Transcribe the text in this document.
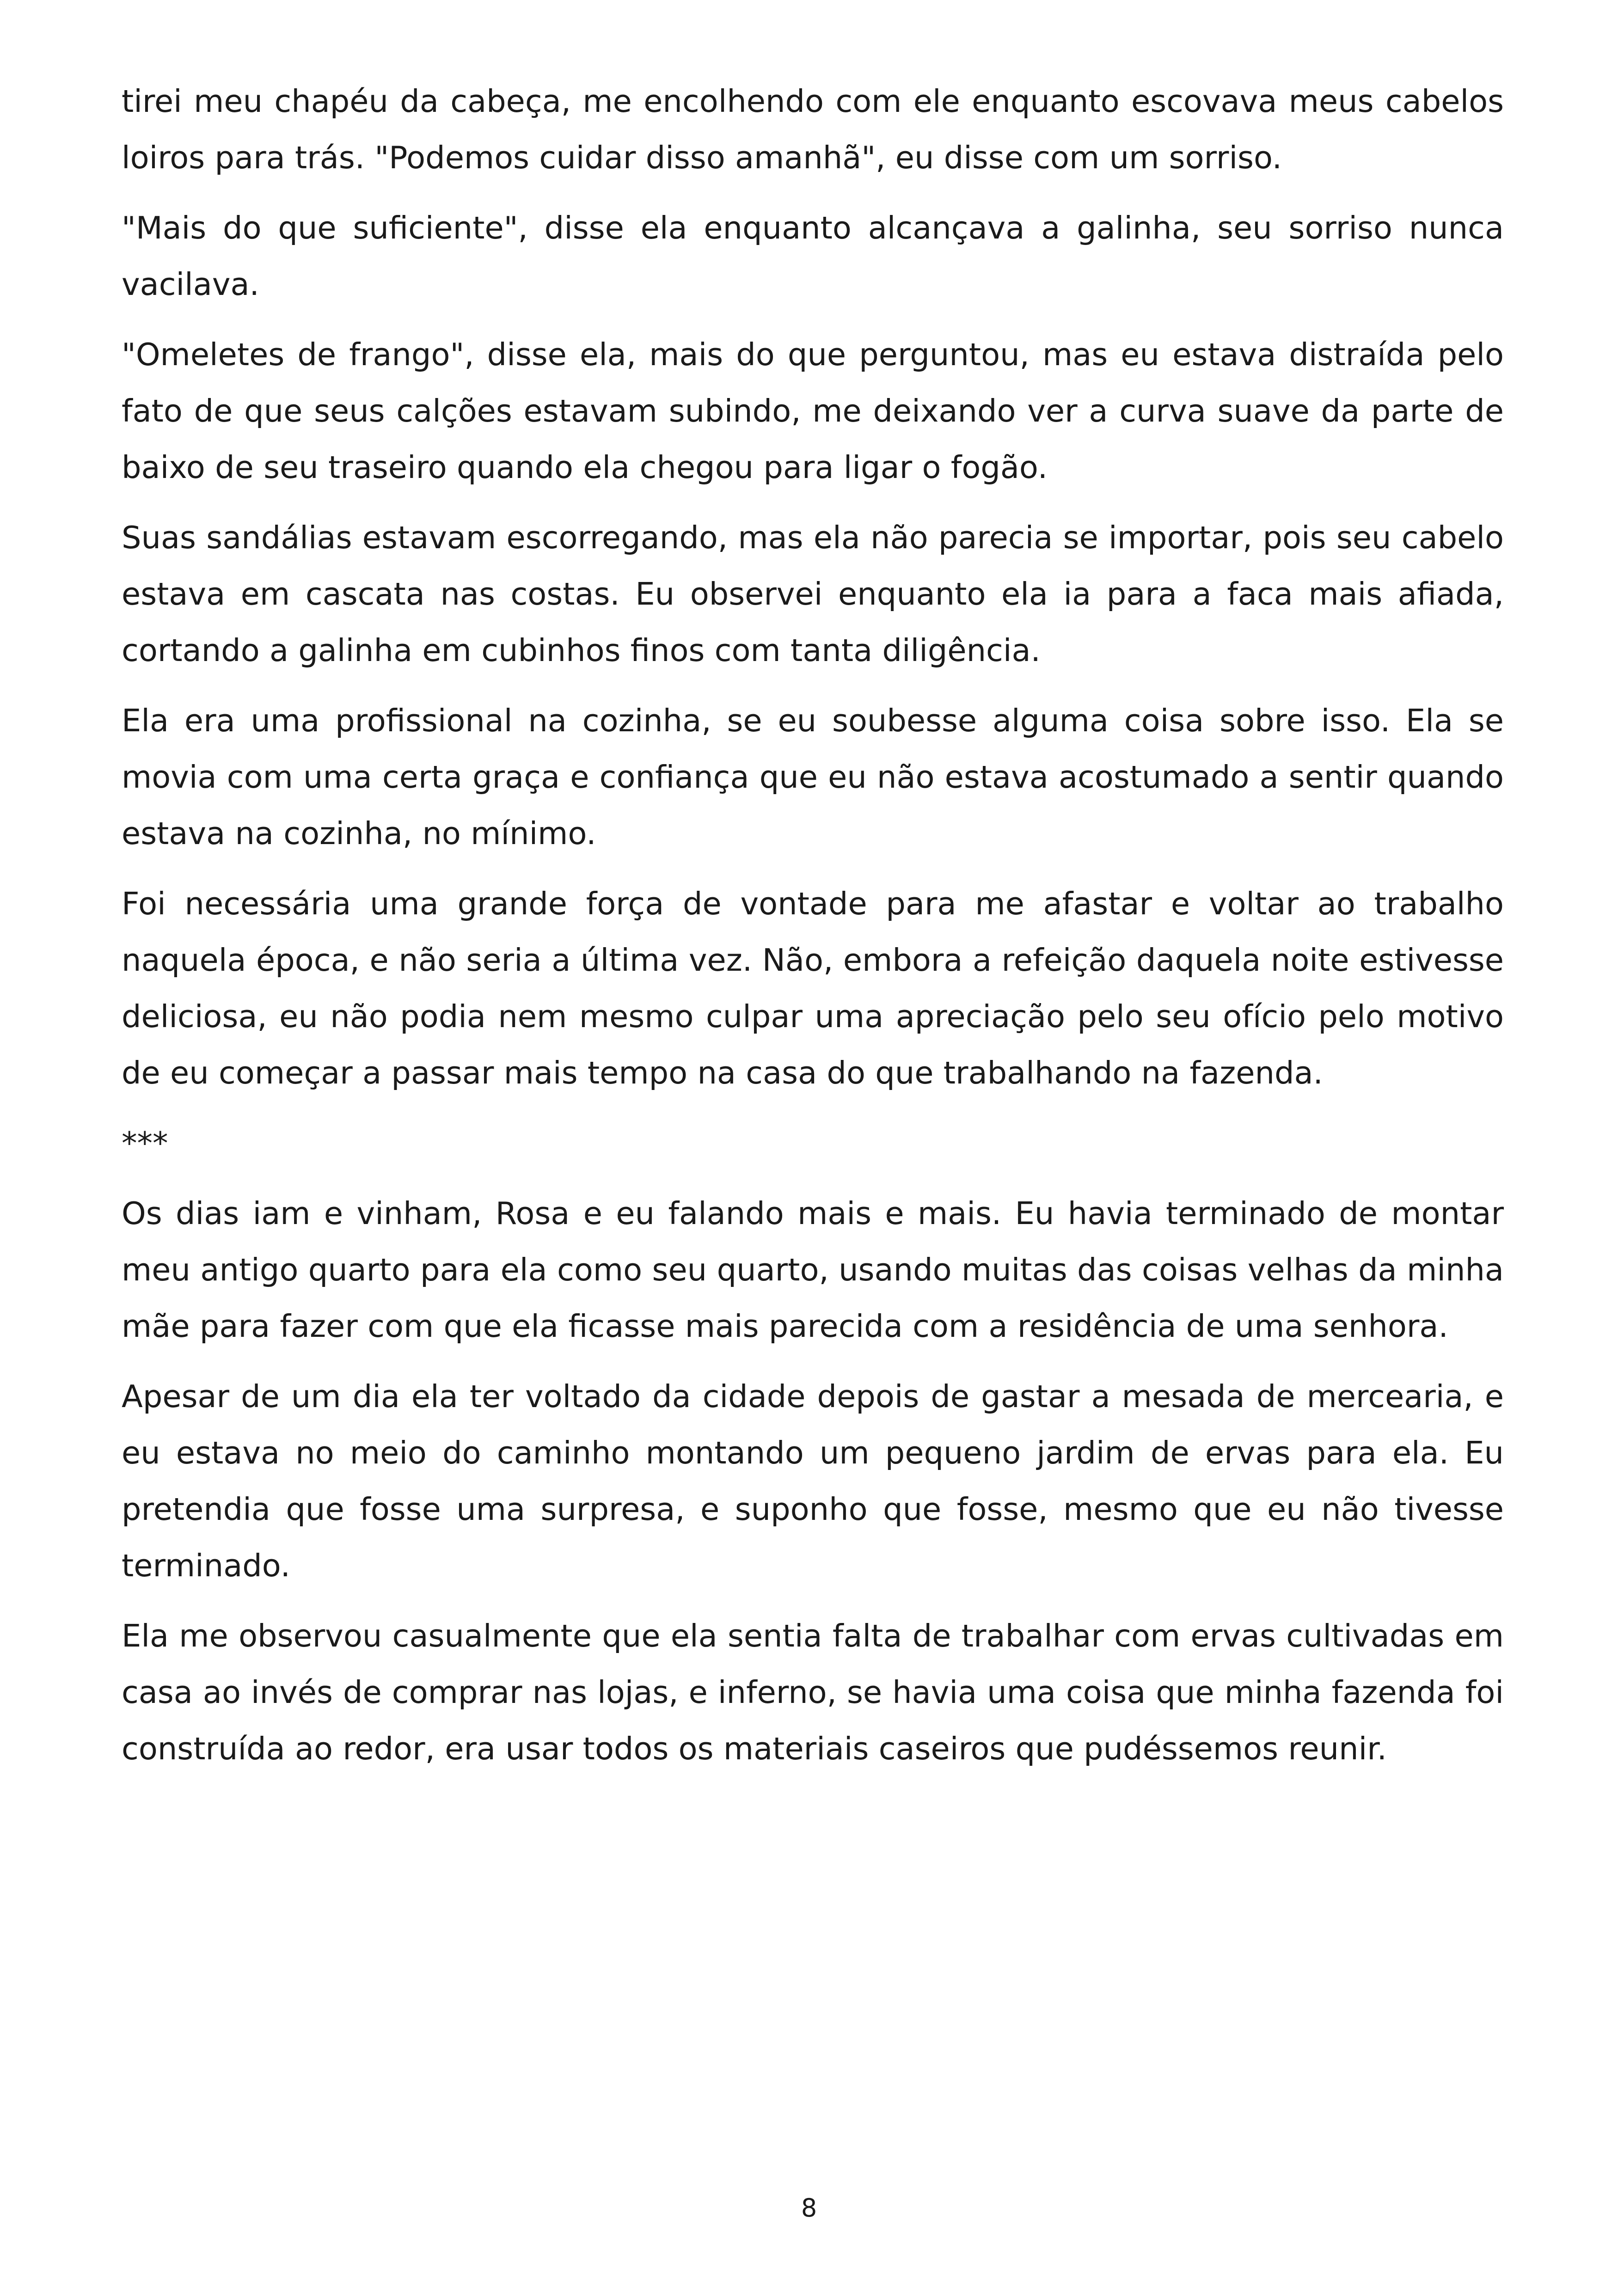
tirei meu chapéu da cabeça, me encolhendo com ele enquanto escovava meus cabelos loiros para trás. "Podemos cuidar disso amanhã", eu disse com um sorriso.

"Mais do que suficiente", disse ela enquanto alcançava a galinha, seu sorriso nunca vacilava.

"Omeletes de frango", disse ela, mais do que perguntou, mas eu estava distraída pelo fato de que seus calções estavam subindo, me deixando ver a curva suave da parte de baixo de seu traseiro quando ela chegou para ligar o fogão.

Suas sandálias estavam escorregando, mas ela não parecia se importar, pois seu cabelo estava em cascata nas costas. Eu observei enquanto ela ia para a faca mais afiada, cortando a galinha em cubinhos finos com tanta diligência.

Ela era uma profissional na cozinha, se eu soubesse alguma coisa sobre isso. Ela se movia com uma certa graça e confiança que eu não estava acostumado a sentir quando estava na cozinha, no mínimo.

Foi necessária uma grande força de vontade para me afastar e voltar ao trabalho naquela época, e não seria a última vez. Não, embora a refeição daquela noite estivesse deliciosa, eu não podia nem mesmo culpar uma apreciação pelo seu ofício pelo motivo de eu começar a passar mais tempo na casa do que trabalhando na fazenda.

***

Os dias iam e vinham, Rosa e eu falando mais e mais. Eu havia terminado de montar meu antigo quarto para ela como seu quarto, usando muitas das coisas velhas da minha mãe para fazer com que ela ficasse mais parecida com a residência de uma senhora.

Apesar de um dia ela ter voltado da cidade depois de gastar a mesada de mercearia, e eu estava no meio do caminho montando um pequeno jardim de ervas para ela. Eu pretendia que fosse uma surpresa, e suponho que fosse, mesmo que eu não tivesse terminado.

Ela me observou casualmente que ela sentia falta de trabalhar com ervas cultivadas em casa ao invés de comprar nas lojas, e inferno, se havia uma coisa que minha fazenda foi construída ao redor, era usar todos os materiais caseiros que pudéssemos reunir.

8
